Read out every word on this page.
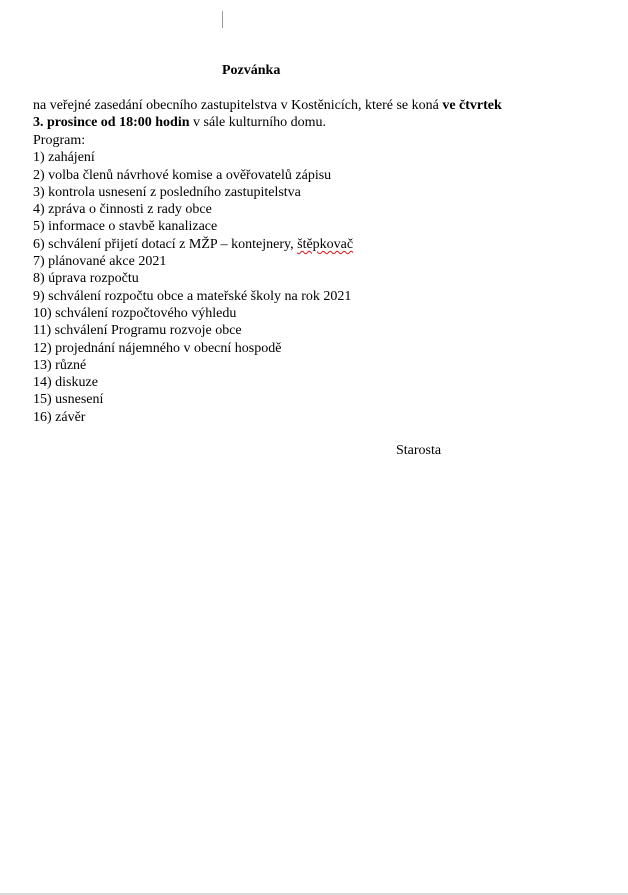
Pozvánka
na veřejné zasedání obecního zastupitelstva v Kostěnicích, které se koná ve čtvrtek
3. prosince od 18:00 hodin v sále kulturního domu.
Program:
1) zahájení
2) volba členů návrhové komise a ověřovatelů zápisu
3) kontrola usnesení z posledního zastupitelstva
4) zpráva o činnosti z rady obce
5) informace o stavbě kanalizace
6) schválení přijetí dotací z MŽP – kontejnery, štěpkovač
7) plánované akce 2021
8) úprava rozpočtu
9) schválení rozpočtu obce a mateřské školy na rok 2021
10) schválení rozpočtového výhledu
11) schválení Programu rozvoje obce
12) projednání nájemného v obecní hospodě
13) různé
14) diskuze
15) usnesení
16) závěr
Starosta
